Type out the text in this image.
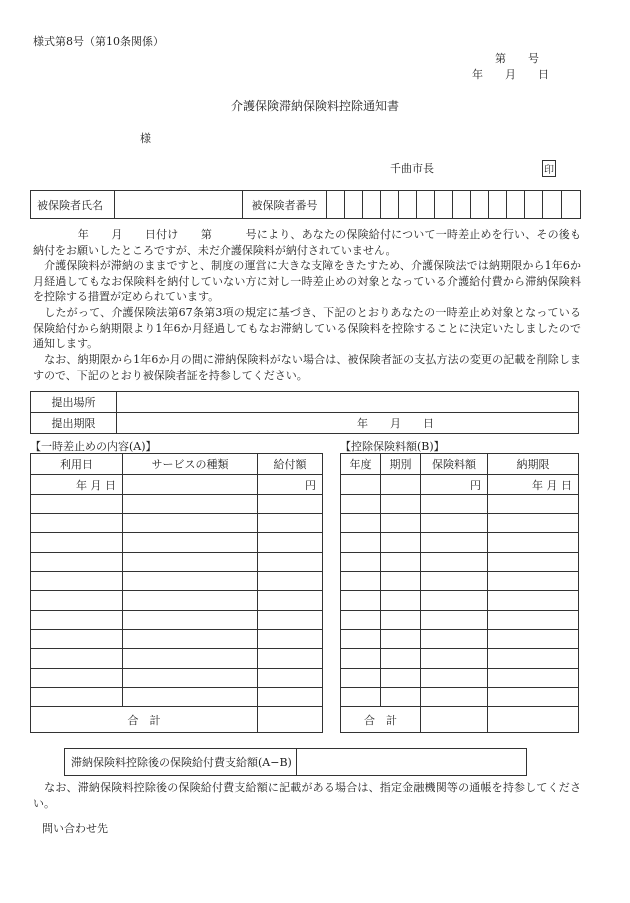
様式第8号（第10条関係）
第　　号
年　　月　　日
介護保険滞納保険料控除通知書
様
千曲市長	印
被保険者氏名		被保険者番号														
　　　　年　　月　　日付け　　第　　　号により、あなたの保険給付について一時差止めを行い、その後も納付をお願いしたところですが、未だ介護保険料が納付されていません。
　介護保険料が滞納のままですと、制度の運営に大きな支障をきたすため、介護保険法では納期限から1年6か月経過してもなお保険料を納付していない方に対し一時差止めの対象となっている介護給付費から滞納保険料を控除する措置が定められています。
　したがって、介護保険法第67条第3項の規定に基づき、下記のとおりあなたの一時差止め対象となっている保険給付から納期限より1年6か月経過してもなお滞納している保険料を控除することに決定いたしましたので通知します。
　なお、納期限から1年6か月の間に滞納保険料がない場合は、被保険者証の支払方法の変更の記載を削除しますので、下記のとおり被保険者証を持参してください。
提出場所	
提出期限	年　　月　　日
【一時差止めの内容(A)】	【控除保険料額(B)】
利用日	サービスの種類	給付額
年 月 日		円

合　計		
年度	期別	保険料額	納期限
		円	年 月 日

合　計			
滞納保険料控除後の保険給付費支給額(A−B)	
　なお、滞納保険料控除後の保険給付費支給額に記載がある場合は、指定金融機関等の通帳を持参してください。
問い合わせ先
